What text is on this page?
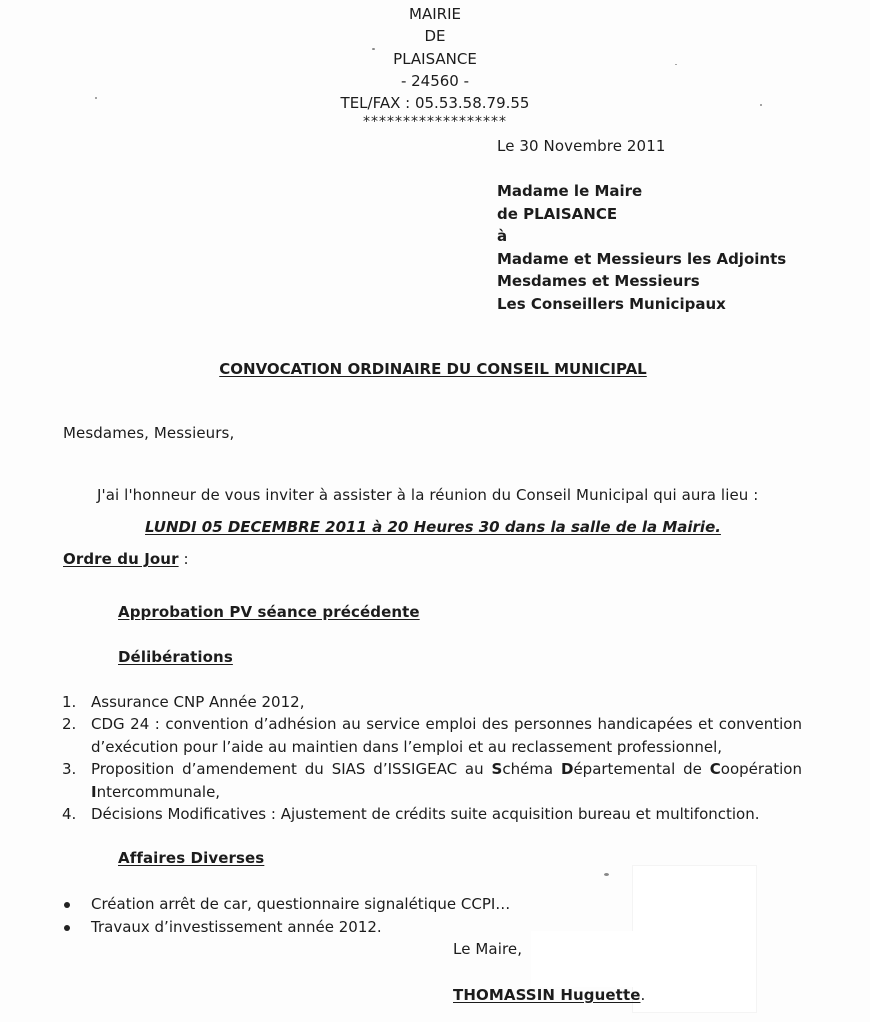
MAIRIE
DE
PLAISANCE
- 24560 -
TEL/FAX : 05.53.58.79.55
******************
Le 30 Novembre 2011
Madame le Maire
de PLAISANCE
à
Madame et Messieurs les Adjoints
Mesdames et Messieurs
Les Conseillers Municipaux
CONVOCATION ORDINAIRE DU CONSEIL MUNICIPAL
Mesdames, Messieurs,
J'ai l'honneur de vous inviter à assister à la réunion du Conseil Municipal qui aura lieu :
LUNDI 05 DECEMBRE 2011 à 20 Heures 30 dans la salle de la Mairie.
Ordre du Jour :
Approbation PV séance précédente
Délibérations
1. Assurance CNP Année 2012,
2. CDG 24 : convention d’adhésion au service emploi des personnes handicapées et convention d’exécution pour l’aide au maintien dans l’emploi et au reclassement professionnel,
3. Proposition d’amendement du SIAS d’ISSIGEAC au Schéma Départemental de Coopération Intercommunale,
4. Décisions Modificatives : Ajustement de crédits suite acquisition bureau et multifonction.
Affaires Diverses
Création arrêt de car, questionnaire signalétique CCPI…
Travaux d’investissement année 2012.
Le Maire,
THOMASSIN Huguette.
